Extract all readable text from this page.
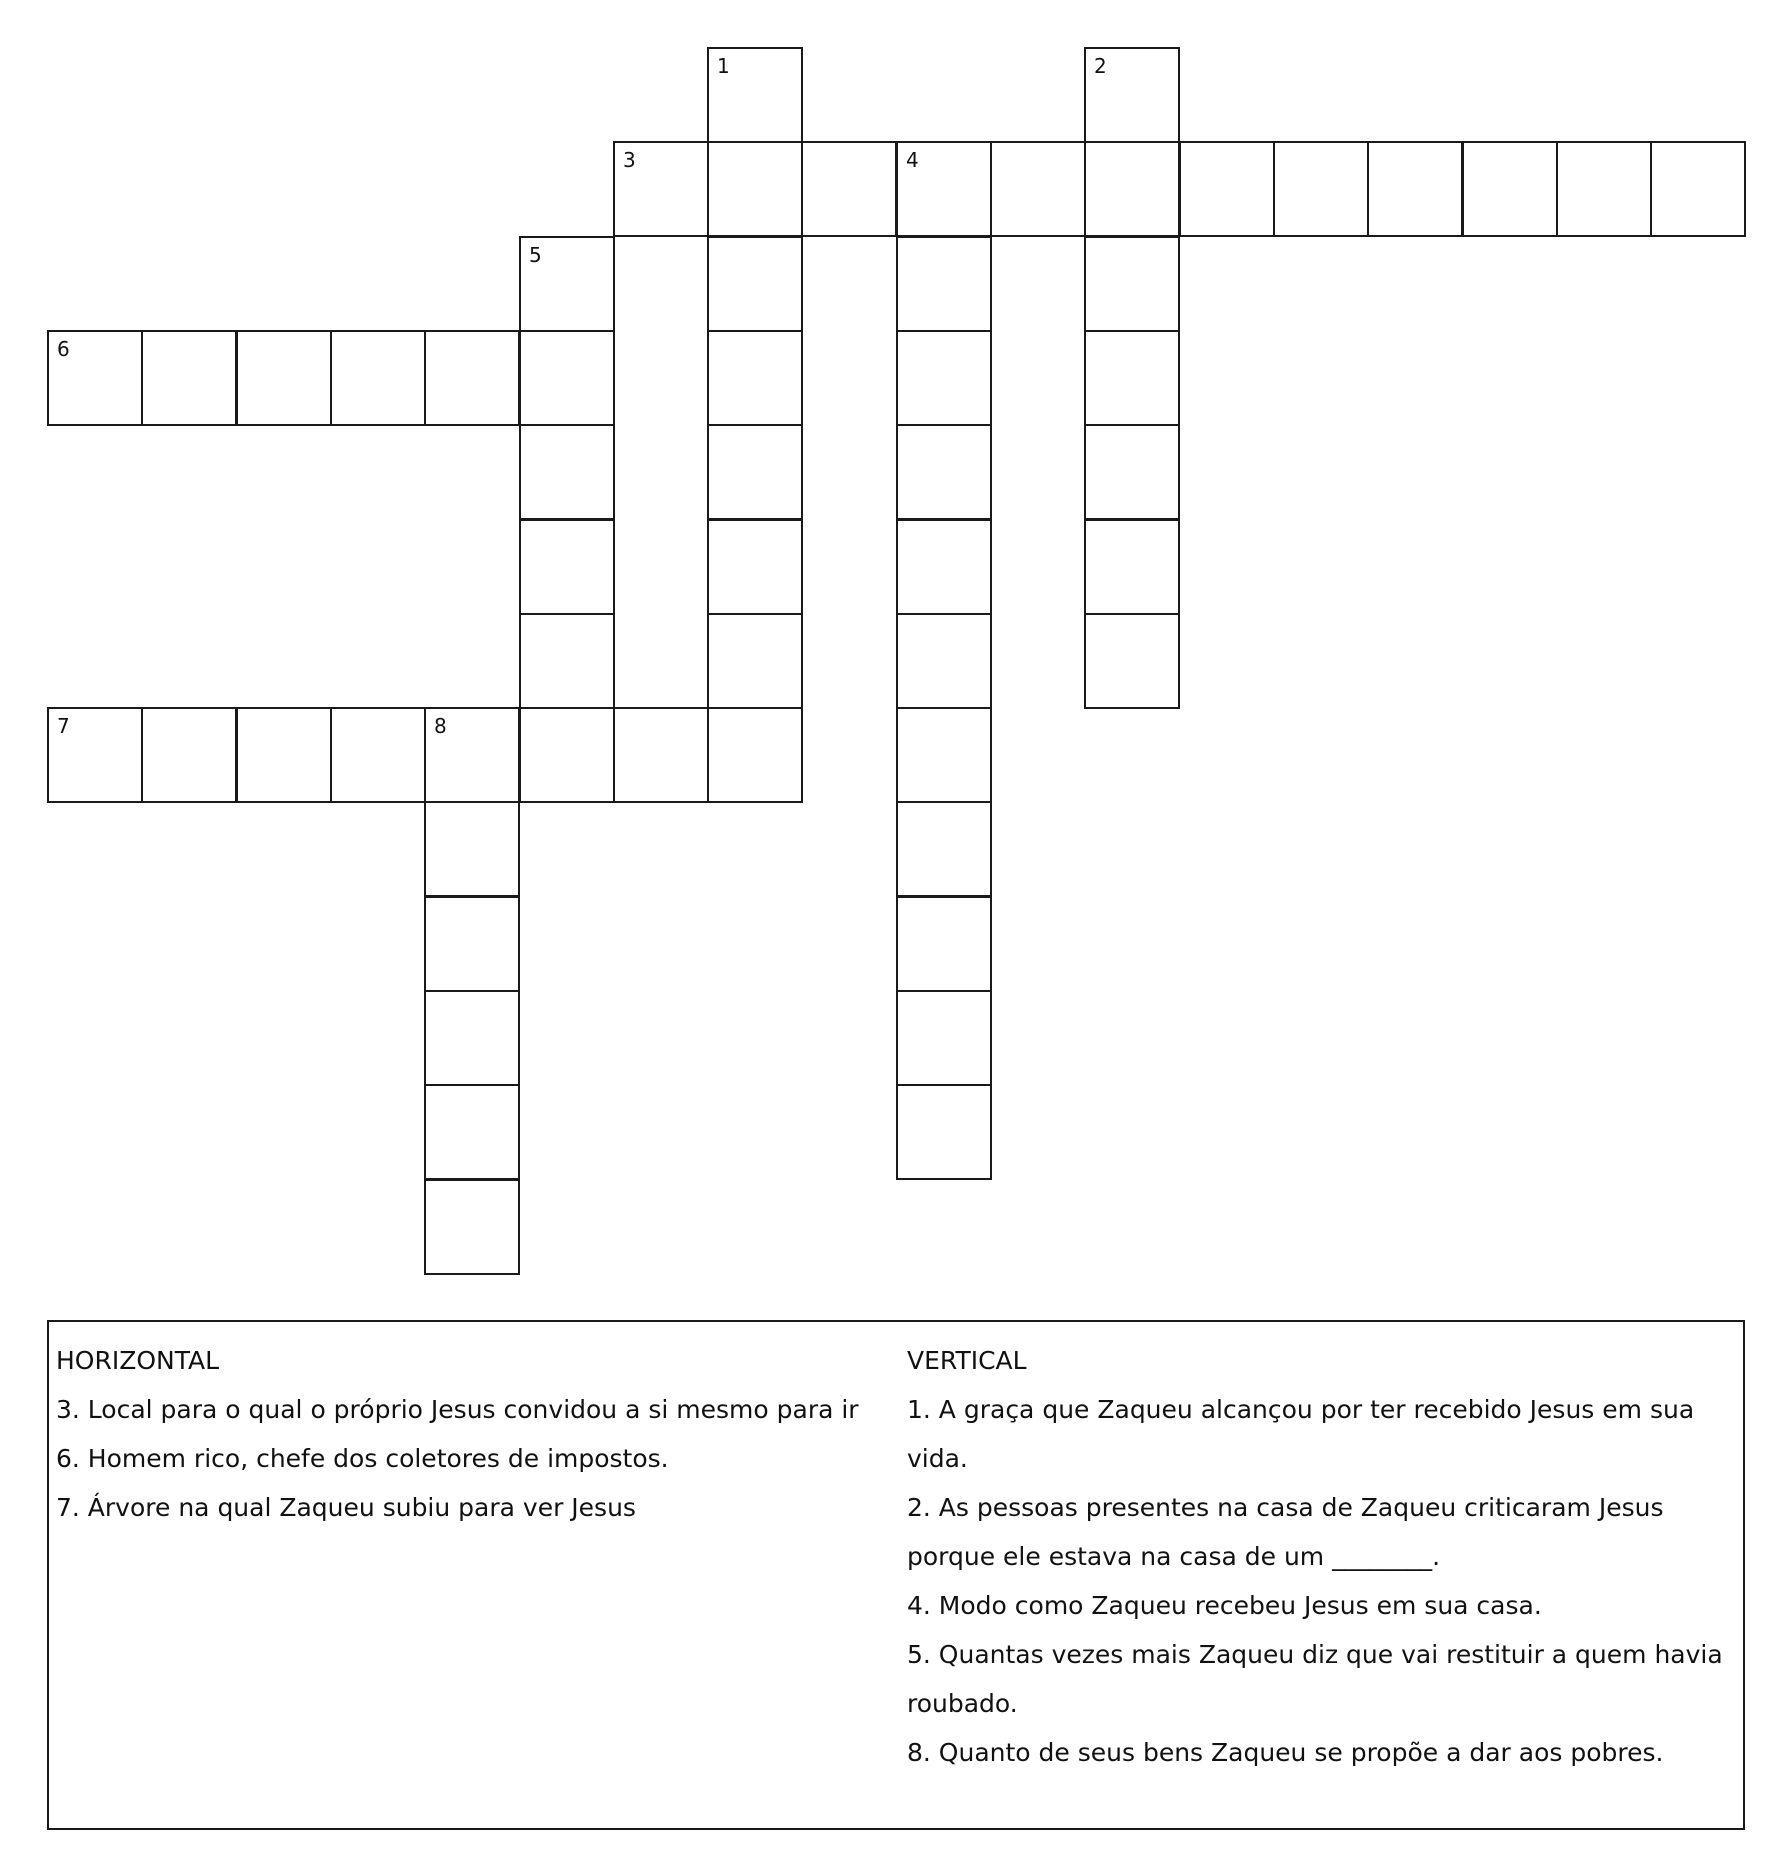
1	2
3	4
5
6
7	8
HORIZONTAL
3. Local para o qual o próprio Jesus convidou a si mesmo para ir
6. Homem rico, chefe dos coletores de impostos.
7. Árvore na qual Zaqueu subiu para ver Jesus
VERTICAL
1. A graça que Zaqueu alcançou por ter recebido Jesus em sua vida.
2. As pessoas presentes na casa de Zaqueu criticaram Jesus porque ele estava na casa de um ________.
4. Modo como Zaqueu recebeu Jesus em sua casa.
5. Quantas vezes mais Zaqueu diz que vai restituir a quem havia roubado.
8. Quanto de seus bens Zaqueu se propõe a dar aos pobres.
